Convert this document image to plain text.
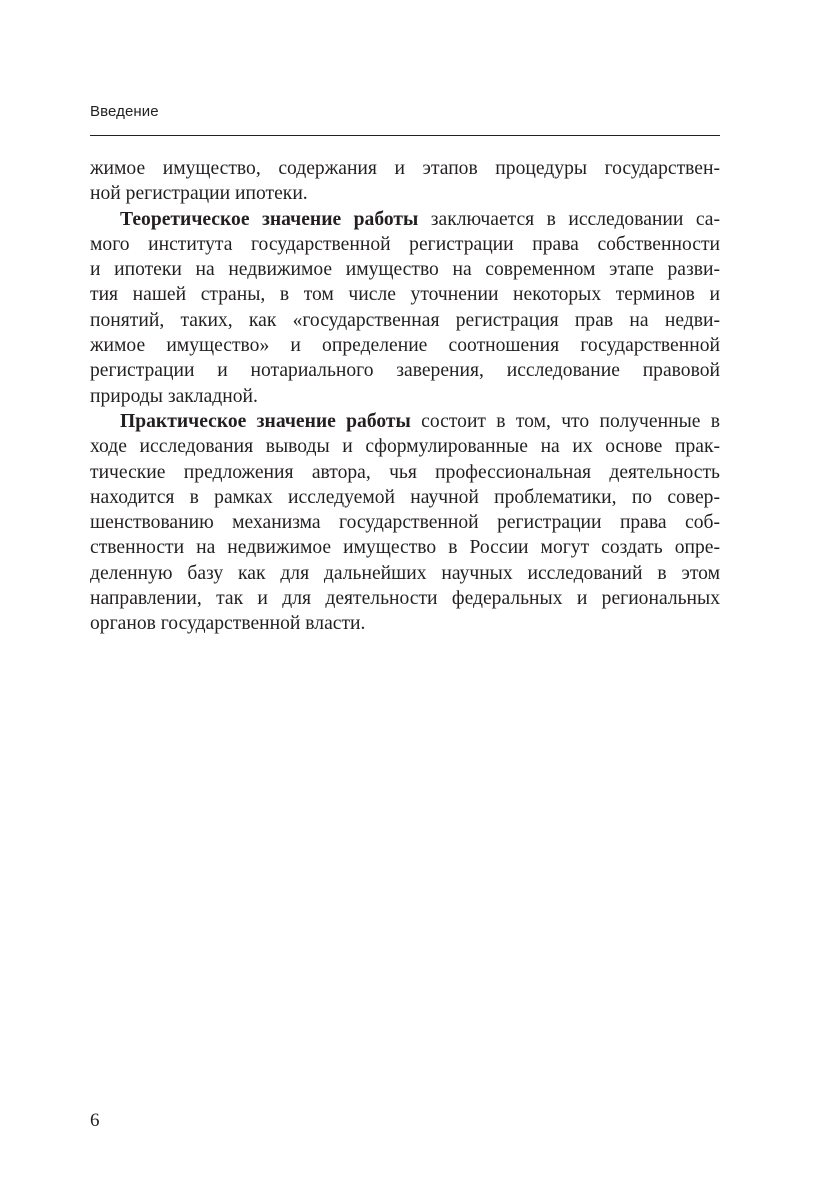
Введение
жимое имущество, содержания и этапов процедуры государствен-
ной регистрации ипотеки.
Теоретическое значение работы заключается в исследовании са-
мого института государственной регистрации права собственности
и ипотеки на недвижимое имущество на современном этапе разви-
тия нашей страны, в том числе уточнении некоторых терминов и
понятий, таких, как «государственная регистрация прав на недви-
жимое имущество» и определение соотношения государственной
регистрации и нотариального заверения, исследование правовой
природы закладной.
Практическое значение работы состоит в том, что полученные в
ходе исследования выводы и сформулированные на их основе прак-
тические предложения автора, чья профессиональная деятельность
находится в рамках исследуемой научной проблематики, по совер-
шенствованию механизма государственной регистрации права соб-
ственности на недвижимое имущество в России могут создать опре-
деленную базу как для дальнейших научных исследований в этом
направлении, так и для деятельности федеральных и региональных
органов государственной власти.
6
